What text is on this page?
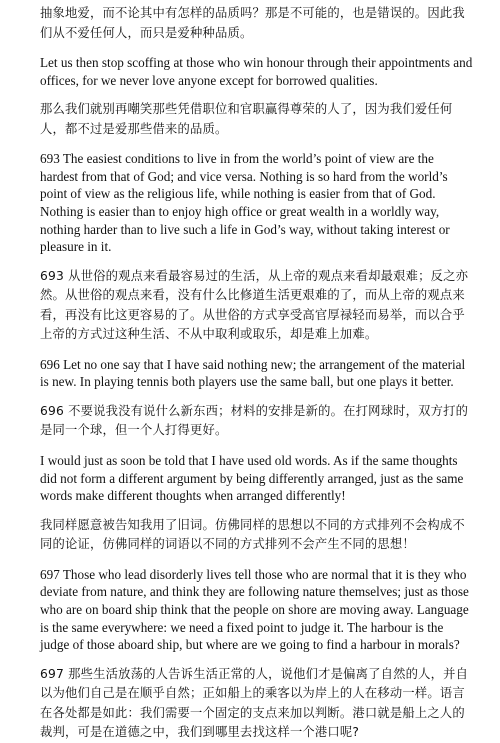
抽象地爱，而不论其中有怎样的品质吗？那是不可能的，也是错误的。因此我们从不爱任何人，而只是爱种种品质。

Let us then stop scoffing at those who win honour through their appointments and offices, for we never love anyone except for borrowed qualities.

那么我们就别再嘲笑那些凭借职位和官职赢得尊荣的人了，因为我们爱任何人，都不过是爱那些借来的品质。

693 The easiest conditions to live in from the world’s point of view are the hardest from that of God; and vice versa. Nothing is so hard from the world’s point of view as the religious life, while nothing is easier from that of God. Nothing is easier than to enjoy high office or great wealth in a worldly way, nothing harder than to live such a life in God’s way, without taking interest or pleasure in it.

693 从世俗的观点来看最容易过的生活，从上帝的观点来看却最艰难；反之亦然。从世俗的观点来看，没有什么比修道生活更艰难的了，而从上帝的观点来看，再没有比这更容易的了。从世俗的方式享受高官厚禄轻而易举，而以合乎上帝的方式过这种生活、不从中取利或取乐，却是难上加难。

696 Let no one say that I have said nothing new; the arrangement of the material is new. In playing tennis both players use the same ball, but one plays it better.

696 不要说我没有说什么新东西；材料的安排是新的。在打网球时，双方打的是同一个球，但一个人打得更好。

I would just as soon be told that I have used old words. As if the same thoughts did not form a different argument by being differently arranged, just as the same words make different thoughts when arranged differently!

我同样愿意被告知我用了旧词。仿佛同样的思想以不同的方式排列不会构成不同的论证，仿佛同样的词语以不同的方式排列不会产生不同的思想！

697 Those who lead disorderly lives tell those who are normal that it is they who deviate from nature, and think they are following nature themselves; just as those who are on board ship think that the people on shore are moving away. Language is the same everywhere: we need a fixed point to judge it. The harbour is the judge of those aboard ship, but where are we going to find a harbour in morals?

697 那些生活放荡的人告诉生活正常的人，说他们才是偏离了自然的人，并自以为他们自己是在顺乎自然；正如船上的乘客以为岸上的人在移动一样。语言在各处都是如此：我们需要一个固定的支点来加以判断。港口就是船上之人的裁判，可是在道德之中，我们到哪里去找这样一个港口呢?
